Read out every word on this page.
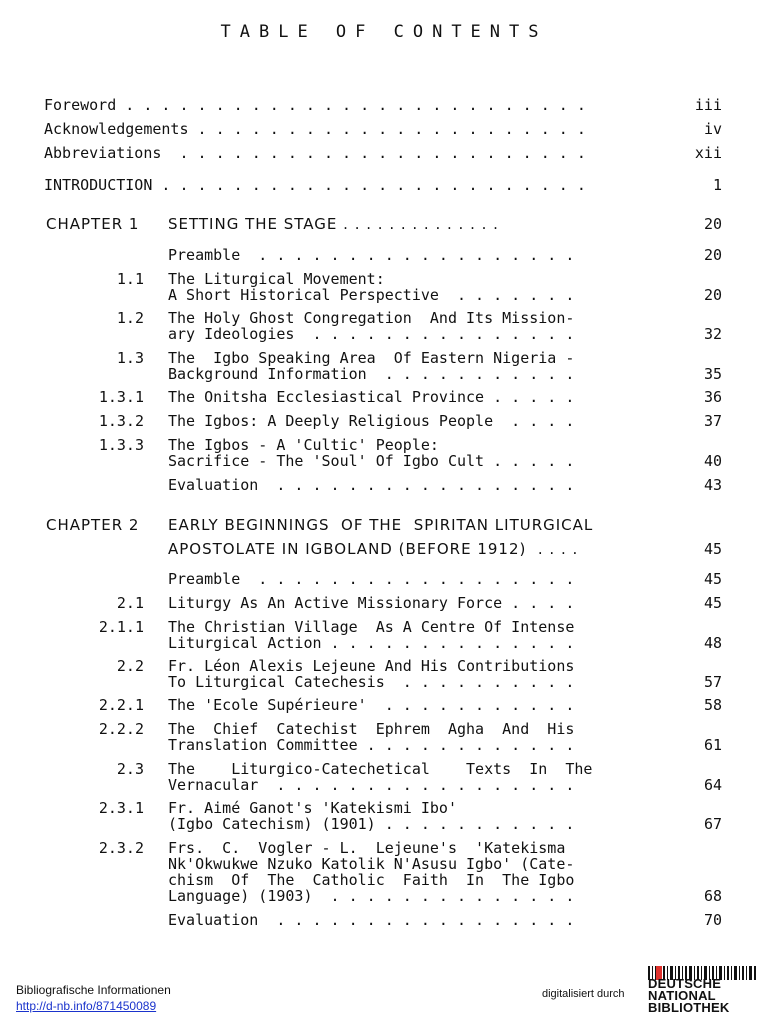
TABLE OF CONTENTS
Foreword . . . . . . . . . . . . . . . . . . . . . . . . . .	iii
Acknowledgements . . . . . . . . . . . . . . . . . . . . . .	iv
Abbreviations  . . . . . . . . . . . . . . . . . . . . . . .	xii
INTRODUCTION . . . . . . . . . . . . . . . . . . . . . . . .	1
CHAPTER 1 SETTING THE STAGE . . . . . . . . . . . . . .	20
Preamble  . . . . . . . . . . . . . . . . . .	20
1.1 The Liturgical Movement:
A Short Historical Perspective  . . . . . . .	20
1.2 The Holy Ghost Congregation  And Its Mission-
ary Ideologies  . . . . . . . . . . . . . . .	32
1.3 The  Igbo Speaking Area  Of Eastern Nigeria -
Background Information  . . . . . . . . . . .	35
1.3.1 The Onitsha Ecclesiastical Province . . . . .	36
1.3.2 The Igbos: A Deeply Religious People  . . . .	37
1.3.3 The Igbos - A 'Cultic' People:
Sacrifice - The 'Soul' Of Igbo Cult . . . . .	40
Evaluation  . . . . . . . . . . . . . . . . .	43
CHAPTER 2 EARLY BEGINNINGS  OF THE  SPIRITAN LITURGICAL
APOSTOLATE IN IGBOLAND (BEFORE 1912)  . . . .	45
Preamble  . . . . . . . . . . . . . . . . . .	45
2.1 Liturgy As An Active Missionary Force . . . .	45
2.1.1 The Christian Village  As A Centre Of Intense
Liturgical Action . . . . . . . . . . . . . .	48
2.2 Fr. Léon Alexis Lejeune And His Contributions
To Liturgical Catechesis  . . . . . . . . . .	57
2.2.1 The 'Ecole Supérieure'  . . . . . . . . . . .	58
2.2.2 The  Chief  Catechist  Ephrem  Agha  And  His
Translation Committee . . . . . . . . . . . .	61
2.3 The    Liturgico-Catechetical    Texts  In  The
Vernacular  . . . . . . . . . . . . . . . . .	64
2.3.1 Fr. Aimé Ganot's 'Katekismi Ibo'
(Igbo Catechism) (1901) . . . . . . . . . . .	67
2.3.2 Frs.  C.  Vogler - L.  Lejeune's  'Katekisma
Nk'Okwukwe Nzuko Katolik N'Asusu Igbo' (Cate-
chism  Of  The  Catholic  Faith  In  The Igbo
Language) (1903)  . . . . . . . . . . . . . .	68
Evaluation  . . . . . . . . . . . . . . . . .	70
Bibliografische Informationen
http://d-nb.info/871450089
digitalisiert durch
DEUTSCHE
NATIONAL
BIBLIOTHEK
